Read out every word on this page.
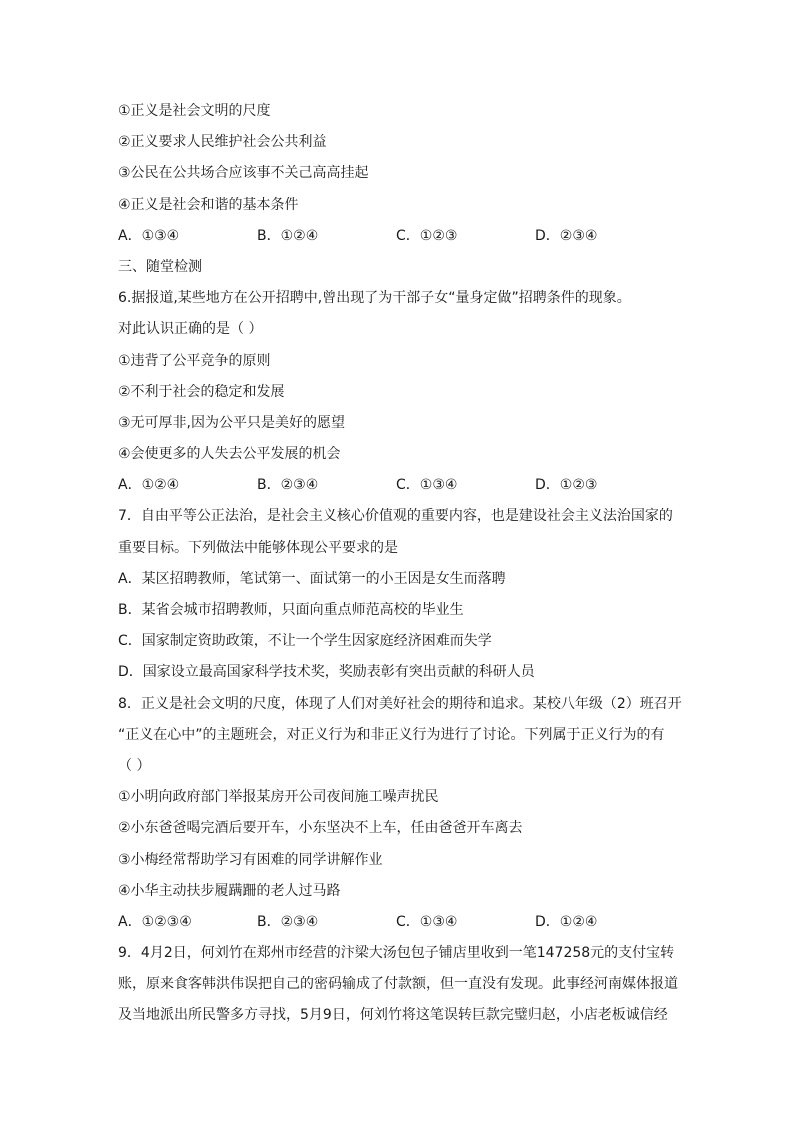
①正义是社会文明的尺度
②正义要求人民维护社会公共利益
③公民在公共场合应该事不关己高高挂起
④正义是社会和谐的基本条件
A．①③④	B．①②④	C．①②③	D．②③④
三、随堂检测
6.据报道,某些地方在公开招聘中,曾出现了为干部子女“量身定做”招聘条件的现象。
对此认识正确的是（ ）
①违背了公平竞争的原则
②不利于社会的稳定和发展
③无可厚非,因为公平只是美好的愿望
④会使更多的人失去公平发展的机会
A．①②④	B．②③④	C．①③④	D．①②③
7．自由平等公正法治，是社会主义核心价值观的重要内容，也是建设社会主义法治国家的
重要目标。下列做法中能够体现公平要求的是
A．某区招聘教师，笔试第一、面试第一的小王因是女生而落聘
B．某省会城市招聘教师，只面向重点师范高校的毕业生
C．国家制定资助政策，不让一个学生因家庭经济困难而失学
D．国家设立最高国家科学技术奖，奖励表彰有突出贡献的科研人员
8．正义是社会文明的尺度，体现了人们对美好社会的期待和追求。某校八年级（2）班召开
“正义在心中”的主题班会，对正义行为和非正义行为进行了讨论。下列属于正义行为的有
（ ）
①小明向政府部门举报某房开公司夜间施工噪声扰民
②小东爸爸喝完酒后要开车，小东坚决不上车，任由爸爸开车离去
③小梅经常帮助学习有困难的同学讲解作业
④小华主动扶步履蹒跚的老人过马路
A．①②③④	B．②③④	C．①③④	D．①②④
9．4月2日，何刘竹在郑州市经营的汴梁大汤包包子铺店里收到一笔147258元的支付宝转
账，原来食客韩洪伟误把自己的密码输成了付款额，但一直没有发现。此事经河南媒体报道
及当地派出所民警多方寻找，5月9日，何刘竹将这笔误转巨款完璧归赵，小店老板诚信经
